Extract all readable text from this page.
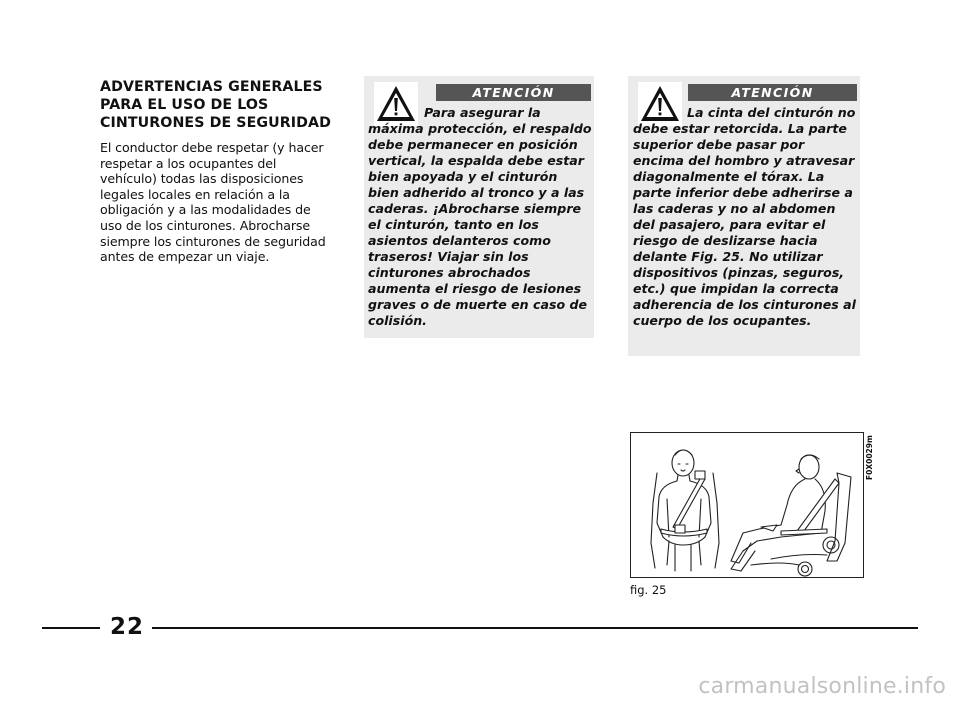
ADVERTENCIAS GENERALES PARA EL USO DE LOS CINTURONES DE SEGURIDAD

El conductor debe respetar (y hacer respetar a los ocupantes del vehículo) todas las disposiciones legales locales en relación a la obligación y a las modalidades de uso de los cinturones. Abrocharse siempre los cinturones de seguridad antes de empezar un viaje.

ATENCIÓN

Para asegurar la máxima protección, el respaldo debe permanecer en posición vertical, la espalda debe estar bien apoyada y el cinturón bien adherido al tronco y a las caderas. ¡Abrocharse siempre el cinturón, tanto en los asientos delanteros como traseros! Viajar sin los cinturones abrochados aumenta el riesgo de lesiones graves o de muerte en caso de colisión.

ATENCIÓN

La cinta del cinturón no debe estar retorcida. La parte superior debe pasar por encima del hombro y atravesar diagonalmente el tórax. La parte inferior debe adherirse a las caderas y no al abdomen del pasajero, para evitar el riesgo de deslizarse hacia delante Fig. 25. No utilizar dispositivos (pinzas, seguros, etc.) que impidan la correcta adherencia de los cinturones al cuerpo de los ocupantes.

F0X0029m
fig. 25
22
carmanualsonline.info
